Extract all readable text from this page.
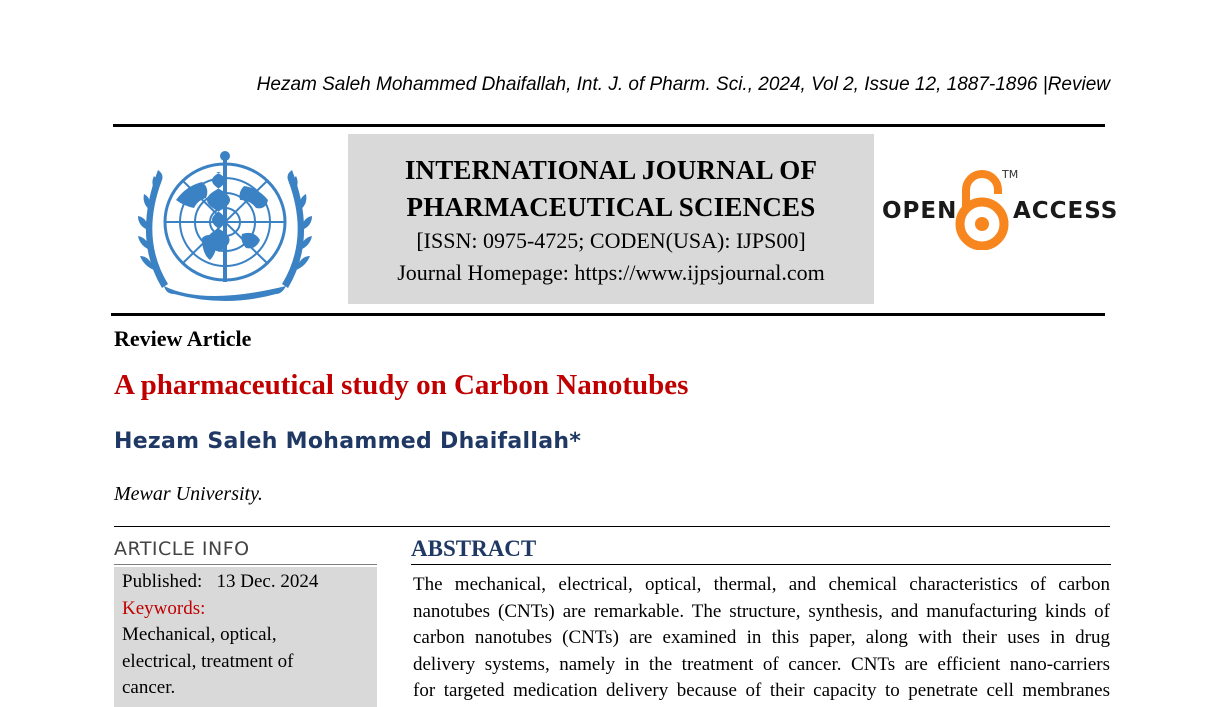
Hezam Saleh Mohammed Dhaifallah, Int. J. of Pharm. Sci., 2024, Vol 2, Issue 12, 1887-1896 |Review
INTERNATIONAL JOURNAL OF
PHARMACEUTICAL SCIENCES
[ISSN: 0975-4725; CODEN(USA): IJPS00]
Journal Homepage: https://www.ijpsjournal.com
OPEN
TM
ACCESS
Review Article
A pharmaceutical study on Carbon Nanotubes
Hezam Saleh Mohammed Dhaifallah*
Mewar University.
ARTICLE INFO
Published:   13 Dec. 2024
Keywords:
Mechanical, optical, electrical, treatment of cancer.
ABSTRACT
The mechanical, electrical, optical, thermal, and chemical characteristics of carbon
nanotubes (CNTs) are remarkable. The structure, synthesis, and manufacturing kinds of
carbon nanotubes (CNTs) are examined in this paper, along with their uses in drug
delivery systems, namely in the treatment of cancer. CNTs are efficient nano-carriers
for targeted medication delivery because of their capacity to penetrate cell membranes
